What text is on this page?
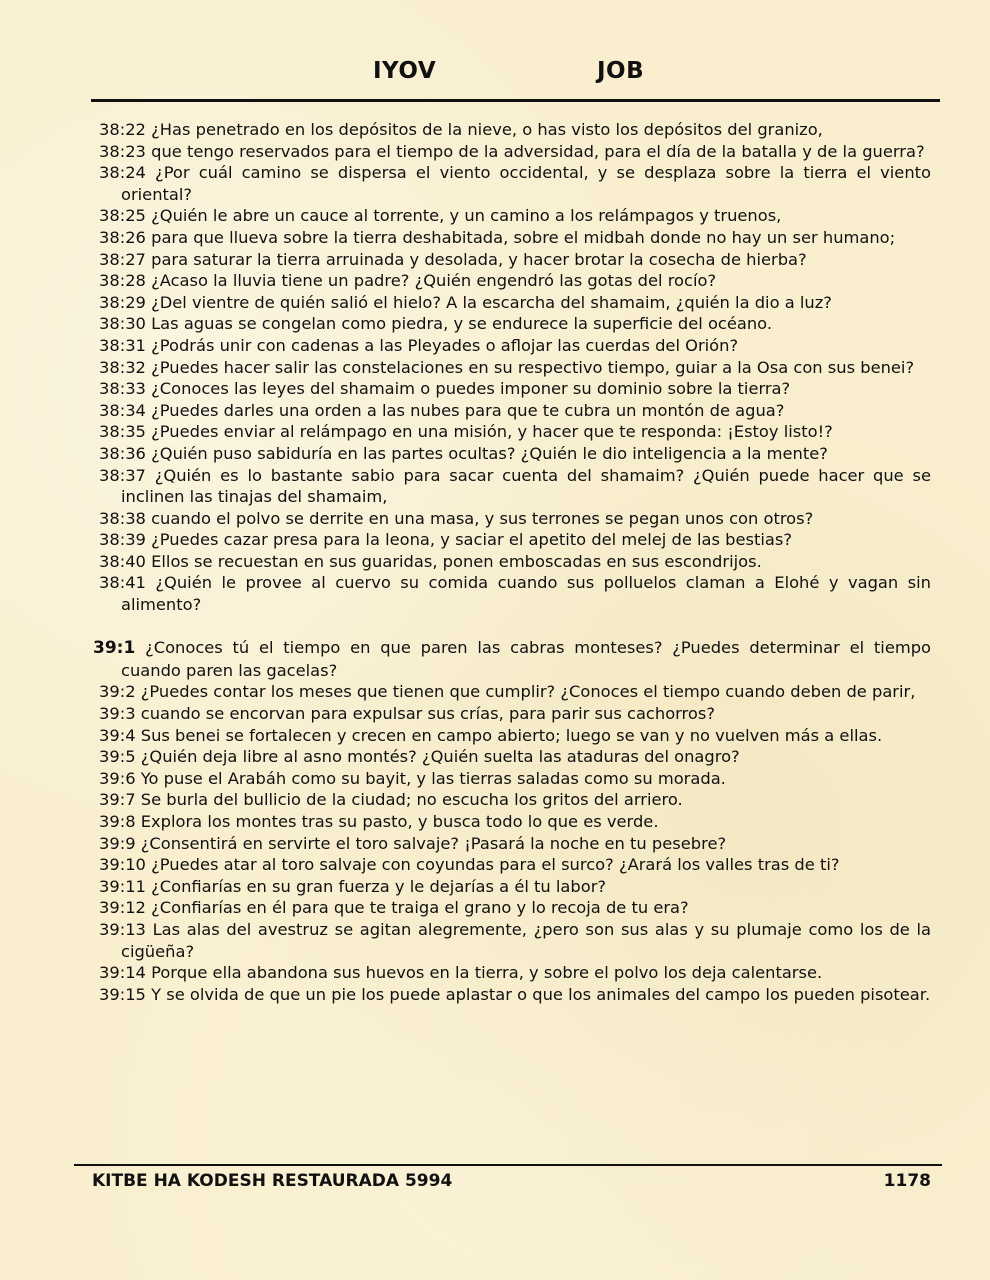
IYOV	JOB

38:22 ¿Has penetrado en los depósitos de la nieve, o has visto los depósitos del granizo,

38:23 que tengo reservados para el tiempo de la adversidad, para el día de la batalla y de la guerra?

38:24 ¿Por cuál camino se dispersa el viento occidental, y se desplaza sobre la tierra el viento oriental?

38:25 ¿Quién le abre un cauce al torrente, y un camino a los relámpagos y truenos,

38:26 para que llueva sobre la tierra deshabitada, sobre el midbah donde no hay un ser humano;

38:27 para saturar la tierra arruinada y desolada, y hacer brotar la cosecha de hierba?

38:28 ¿Acaso la lluvia tiene un padre? ¿Quién engendró las gotas del rocío?

38:29 ¿Del vientre de quién salió el hielo? A la escarcha del shamaim, ¿quién la dio a luz?

38:30 Las aguas se congelan como piedra, y se endurece la superficie del océano.

38:31 ¿Podrás unir con cadenas a las Pleyades o aflojar las cuerdas del Orión?

38:32 ¿Puedes hacer salir las constelaciones en su respectivo tiempo, guiar a la Osa con sus benei?

38:33 ¿Conoces las leyes del shamaim o puedes imponer su dominio sobre la tierra?

38:34 ¿Puedes darles una orden a las nubes para que te cubra un montón de agua?

38:35 ¿Puedes enviar al relámpago en una misión, y hacer que te responda: ¡Estoy listo!?

38:36 ¿Quién puso sabiduría en las partes ocultas? ¿Quién le dio inteligencia a la mente?

38:37 ¿Quién es lo bastante sabio para sacar cuenta del shamaim? ¿Quién puede hacer que se inclinen las tinajas del shamaim,

38:38 cuando el polvo se derrite en una masa, y sus terrones se pegan unos con otros?

38:39 ¿Puedes cazar presa para la leona, y saciar el apetito del melej de las bestias?

38:40 Ellos se recuestan en sus guaridas, ponen emboscadas en sus escondrijos.

38:41 ¿Quién le provee al cuervo su comida cuando sus polluelos claman a Elohé y vagan sin alimento?

39:1 ¿Conoces tú el tiempo en que paren las cabras monteses? ¿Puedes determinar el tiempo cuando paren las gacelas?

39:2 ¿Puedes contar los meses que tienen que cumplir? ¿Conoces el tiempo cuando deben de parir,

39:3 cuando se encorvan para expulsar sus crías, para parir sus cachorros?

39:4 Sus benei se fortalecen y crecen en campo abierto; luego se van y no vuelven más a ellas.

39:5 ¿Quién deja libre al asno montés? ¿Quién suelta las ataduras del onagro?

39:6 Yo puse el Arabáh como su bayit, y las tierras saladas como su morada.

39:7 Se burla del bullicio de la ciudad; no escucha los gritos del arriero.

39:8 Explora los montes tras su pasto, y busca todo lo que es verde.

39:9 ¿Consentirá en servirte el toro salvaje? ¡Pasará la noche en tu pesebre?

39:10 ¿Puedes atar al toro salvaje con coyundas para el surco? ¿Arará los valles tras de ti?

39:11 ¿Confiarías en su gran fuerza y le dejarías a él tu labor?

39:12 ¿Confiarías en él para que te traiga el grano y lo recoja de tu era?

39:13 Las alas del avestruz se agitan alegremente, ¿pero son sus alas y su plumaje como los de la cigüeña?

39:14 Porque ella abandona sus huevos en la tierra, y sobre el polvo los deja calentarse.

39:15 Y se olvida de que un pie los puede aplastar o que los animales del campo los pueden pisotear.

KITBE HA KODESH RESTAURADA 5994	1178
